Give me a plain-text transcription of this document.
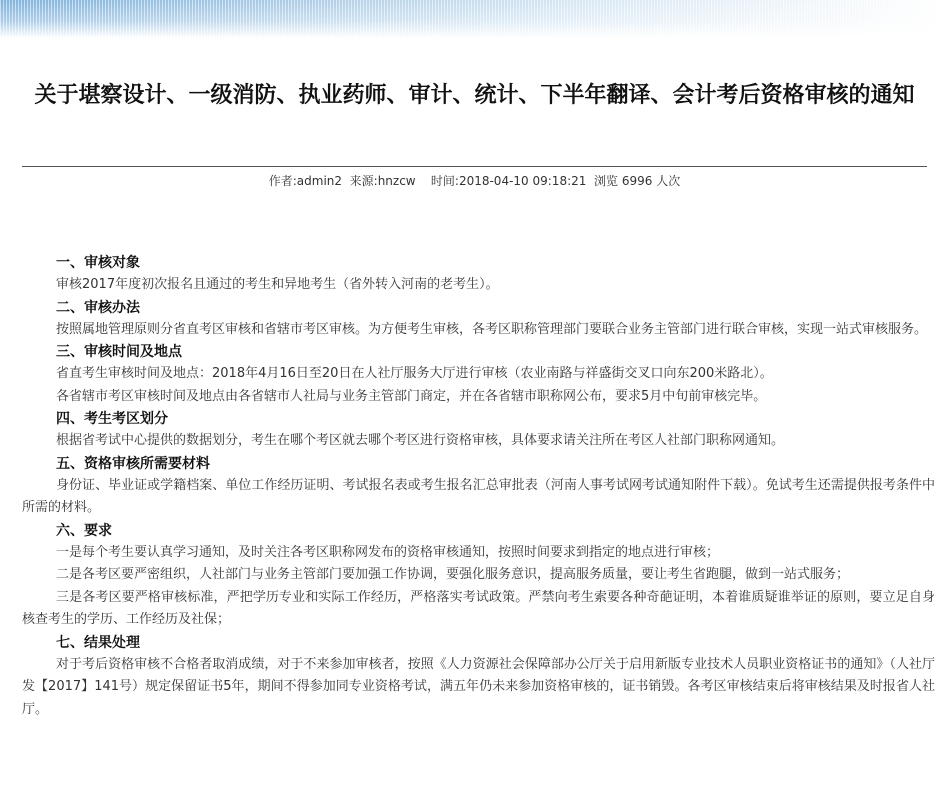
关于堪察设计、一级消防、执业药师、审计、统计、下半年翻译、会计考后资格审核的通知
作者:admin2 来源:hnzcw 时间:2018-04-10 09:18:21 浏览 6996 人次
一、审核对象

审核2017年度初次报名且通过的考生和异地考生（省外转入河南的老考生）。

二、审核办法

按照属地管理原则分省直考区审核和省辖市考区审核。为方便考生审核，各考区职称管理部门要联合业务主管部门进行联合审核，实现一站式审核服务。

三、审核时间及地点

省直考生审核时间及地点：2018年4月16日至20日在人社厅服务大厅进行审核（农业南路与祥盛街交叉口向东200米路北）。

各省辖市考区审核时间及地点由各省辖市人社局与业务主管部门商定，并在各省辖市职称网公布，要求5月中旬前审核完毕。

四、考生考区划分

根据省考试中心提供的数据划分，考生在哪个考区就去哪个考区进行资格审核，具体要求请关注所在考区人社部门职称网通知。

五、资格审核所需要材料

身份证、毕业证或学籍档案、单位工作经历证明、考试报名表或考生报名汇总审批表（河南人事考试网考试通知附件下载）。免试考生还需提供报考条件中所需的材料。

六、要求

一是每个考生要认真学习通知，及时关注各考区职称网发布的资格审核通知，按照时间要求到指定的地点进行审核；

二是各考区要严密组织，人社部门与业务主管部门要加强工作协调，要强化服务意识，提高服务质量，要让考生省跑腿，做到一站式服务；

三是各考区要严格审核标准，严把学历专业和实际工作经历，严格落实考试政策。严禁向考生索要各种奇葩证明，本着谁质疑谁举证的原则，要立足自身核查考生的学历、工作经历及社保；

七、结果处理

对于考后资格审核不合格者取消成绩，对于不来参加审核者，按照《人力资源社会保障部办公厅关于启用新版专业技术人员职业资格证书的通知》（人社厅发【2017】141号）规定保留证书5年，期间不得参加同专业资格考试，满五年仍未来参加资格审核的，证书销毁。各考区审核结束后将审核结果及时报省人社厅。
